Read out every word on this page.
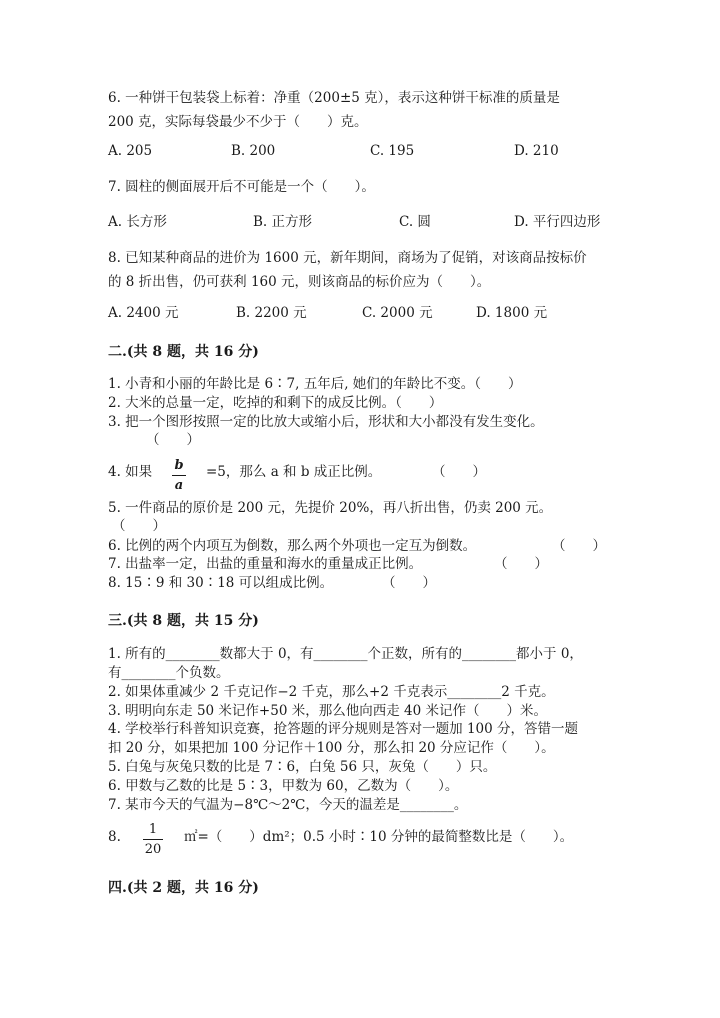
6. 一种饼干包装袋上标着：净重（200±5 克），表示这种饼干标准的质量是
200 克，实际每袋最少不少于（　　）克。
A. 205	B. 200	C. 195	D. 210
7. 圆柱的侧面展开后不可能是一个（　　）。
A. 长方形	B. 正方形	C. 圆	D. 平行四边形
8. 已知某种商品的进价为 1600 元，新年期间，商场为了促销，对该商品按标价
的 8 折出售，仍可获利 160 元，则该商品的标价应为（　　）。
A. 2400 元	B. 2200 元	C. 2000 元	D. 1800 元
二.(共 8 题，共 16 分)
1. 小青和小丽的年龄比是 6∶7, 五年后, 她们的年龄比不变。（　　）
2. 大米的总量一定，吃掉的和剩下的成反比例。（　　）
3. 把一个图形按照一定的比放大或缩小后，形状和大小都没有发生变化。
（　　）
4. 如果 b
a
=5，那么 a 和 b 成正比例。	（　　）
5. 一件商品的原价是 200 元，先提价 20%，再八折出售，仍卖 200 元。
（　　）
6. 比例的两个内项互为倒数，那么两个外项也一定互为倒数。	（　　）
7. 出盐率一定，出盐的重量和海水的重量成正比例。	（　　）
8. 15∶9 和 30∶18 可以组成比例。	（　　）
三.(共 8 题，共 15 分)
1. 所有的________数都大于 0，有________个正数，所有的________都小于 0，
有________个负数。
2. 如果体重减少 2 千克记作−2 千克，那么+2 千克表示________2 千克。
3. 明明向东走 50 米记作+50 米，那么他向西走 40 米记作（　　）米。
4. 学校举行科普知识竞赛，抢答题的评分规则是答对一题加 100 分，答错一题
扣 20 分，如果把加 100 分记作＋100 分，那么扣 20 分应记作（　　）。
5. 白兔与灰兔只数的比是 7∶6，白兔 56 只，灰兔（　　）只。
6. 甲数与乙数的比是 5∶3，甲数为 60，乙数为（　　）。
7. 某市今天的气温为−8℃～2℃，今天的温差是________。
8. 1
20
㎡=（　　）dm²；0.5 小时∶10 分钟的最简整数比是（　　）。
四.(共 2 题，共 16 分)
